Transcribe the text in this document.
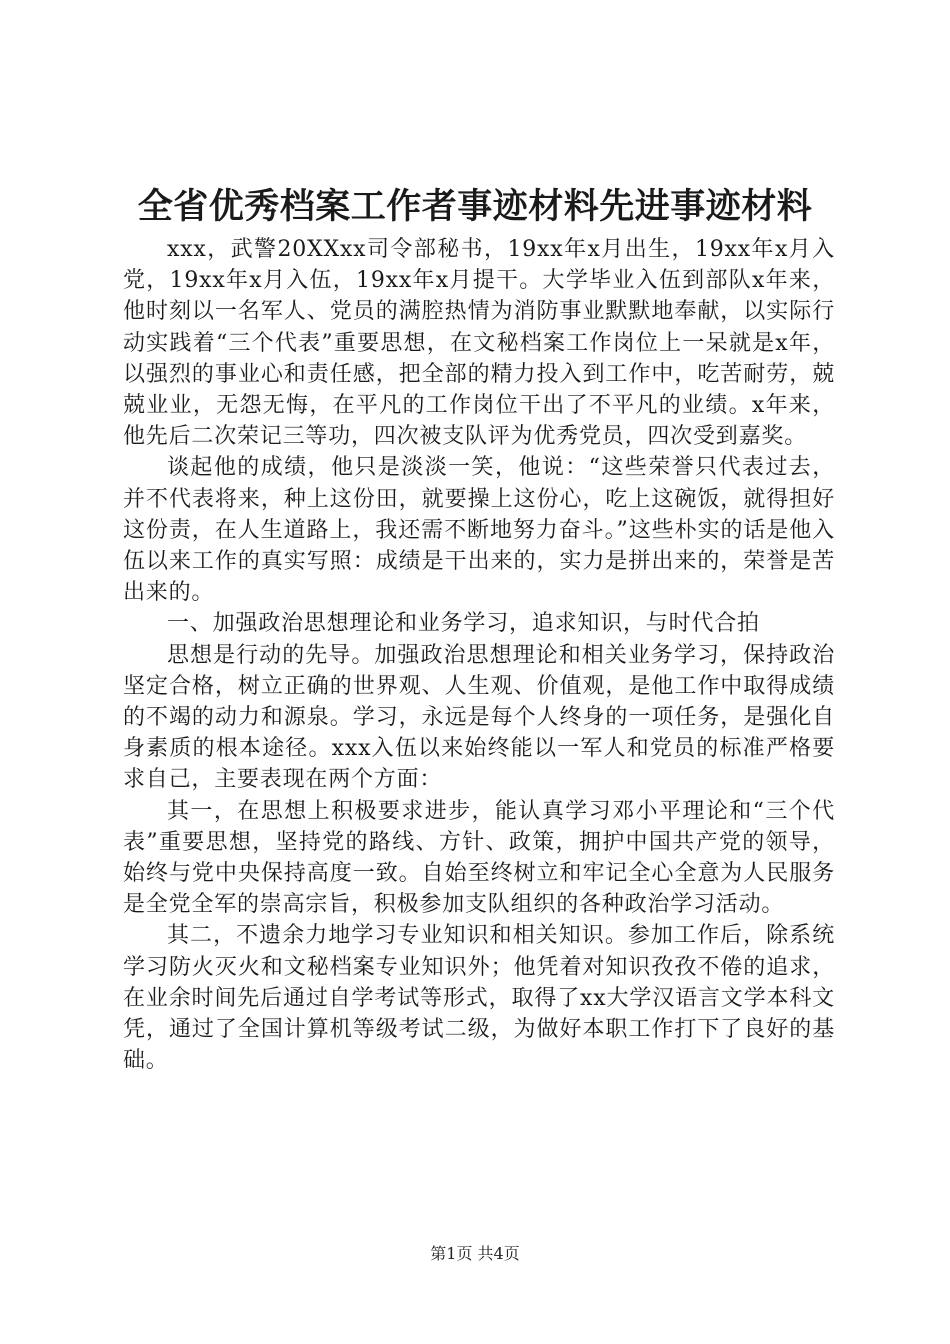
全省优秀档案工作者事迹材料先进事迹材料

xxx，武警20XXxx司令部秘书，19xx年x月出生，19xx年x月入党，19xx年x月入伍，19xx年x月提干。大学毕业入伍到部队x年来，他时刻以一名军人、党员的满腔热情为消防事业默默地奉献，以实际行动实践着“三个代表”重要思想，在文秘档案工作岗位上一呆就是x年，以强烈的事业心和责任感，把全部的精力投入到工作中，吃苦耐劳，兢兢业业，无怨无悔，在平凡的工作岗位干出了不平凡的业绩。x年来，他先后二次荣记三等功，四次被支队评为优秀党员，四次受到嘉奖。

谈起他的成绩，他只是淡淡一笑，他说：“这些荣誉只代表过去，并不代表将来，种上这份田，就要操上这份心，吃上这碗饭，就得担好这份责，在人生道路上，我还需不断地努力奋斗。”这些朴实的话是他入伍以来工作的真实写照：成绩是干出来的，实力是拼出来的，荣誉是苦出来的。

一、加强政治思想理论和业务学习，追求知识，与时代合拍

思想是行动的先导。加强政治思想理论和相关业务学习，保持政治坚定合格，树立正确的世界观、人生观、价值观，是他工作中取得成绩的不竭的动力和源泉。学习，永远是每个人终身的一项任务，是强化自身素质的根本途径。xxx入伍以来始终能以一军人和党员的标准严格要求自己，主要表现在两个方面：

其一，在思想上积极要求进步，能认真学习邓小平理论和“三个代表”重要思想，坚持党的路线、方针、政策，拥护中国共产党的领导，始终与党中央保持高度一致。自始至终树立和牢记全心全意为人民服务是全党全军的崇高宗旨，积极参加支队组织的各种政治学习活动。

其二，不遗余力地学习专业知识和相关知识。参加工作后，除系统学习防火灭火和文秘档案专业知识外；他凭着对知识孜孜不倦的追求，在业余时间先后通过自学考试等形式，取得了xx大学汉语言文学本科文凭，通过了全国计算机等级考试二级，为做好本职工作打下了良好的基础。

第1页 共4页
